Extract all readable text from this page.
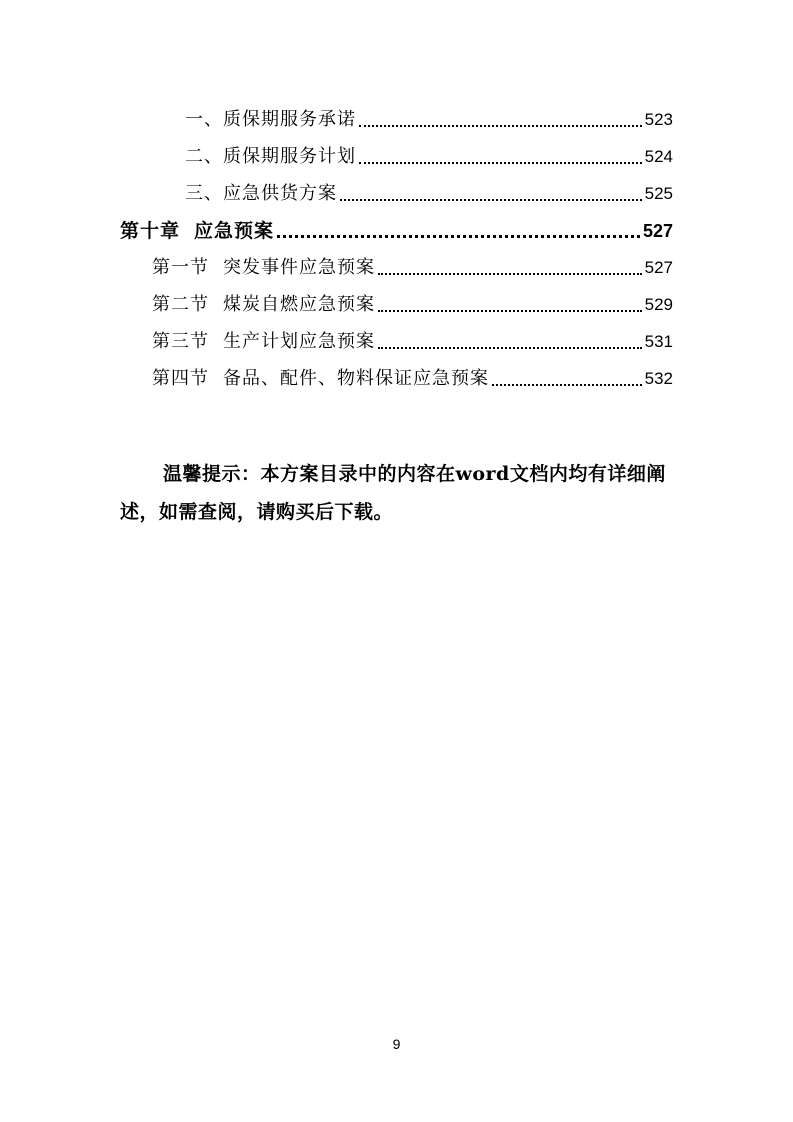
一、质保期服务承诺	523
二、质保期服务计划	524
三、应急供货方案	525
第十章 应急预案	527
第一节 突发事件应急预案	527
第二节 煤炭自燃应急预案	529
第三节 生产计划应急预案	531
第四节 备品、配件、物料保证应急预案	532

温馨提示：本方案目录中的内容在word文档内均有详细阐述，如需查阅，请购买后下载。

9
